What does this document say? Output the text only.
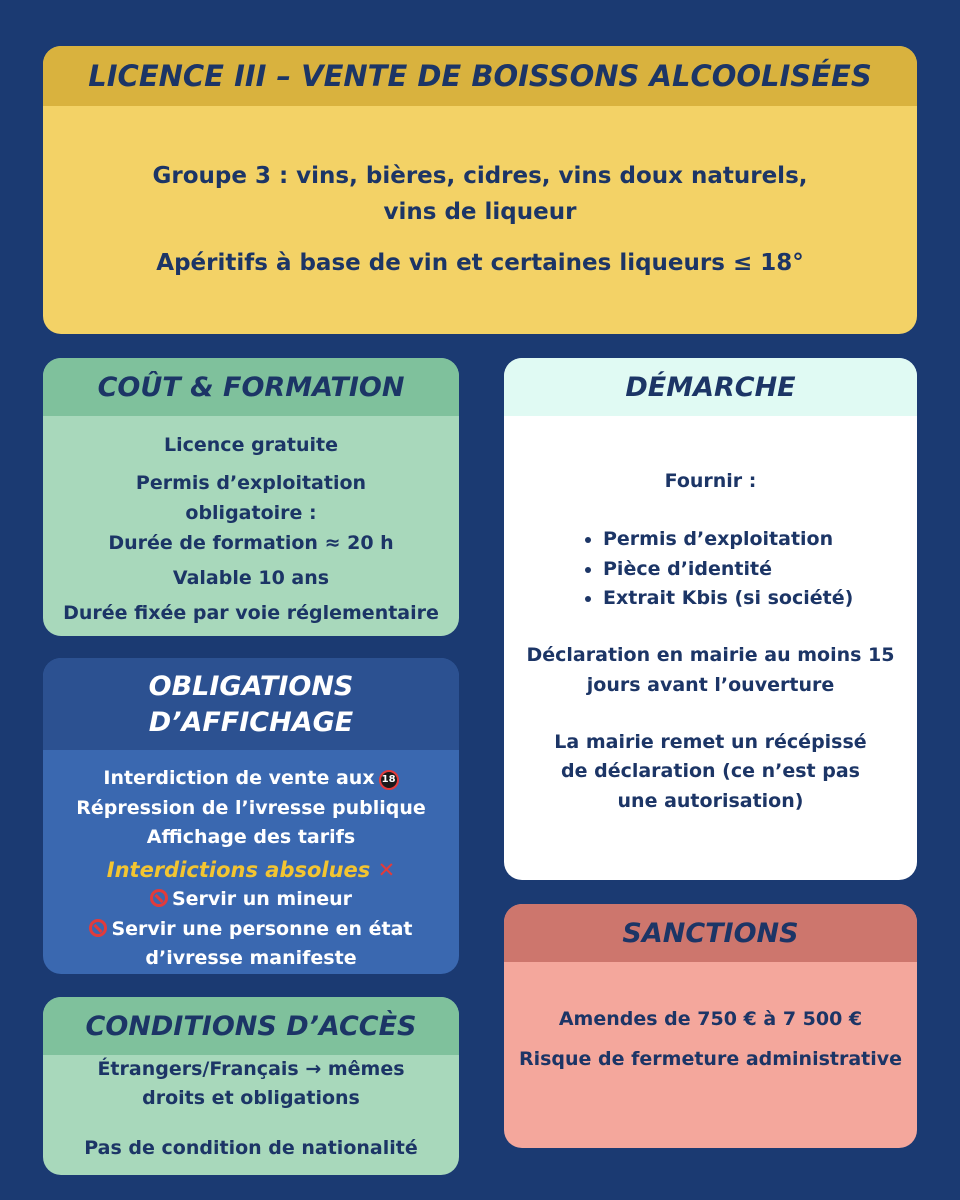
LICENCE III – VENTE DE BOISSONS ALCOOLISÉES
Groupe 3 : vins, bières, cidres, vins doux naturels,
vins de liqueur
Apéritifs à base de vin et certaines liqueurs ≤ 18°
COÛT & FORMATION
Licence gratuite
Permis d’exploitation
obligatoire :
Durée de formation ≈ 20 h
Valable 10 ans
Durée fixée par voie réglementaire
OBLIGATIONS
D’AFFICHAGE
Interdiction de vente aux 18
Répression de l’ivresse publique
Affichage des tarifs
Interdictions absolues ✕
Servir un mineur
Servir une personne en état
d’ivresse manifeste
CONDITIONS D’ACCÈS
Étrangers/Français → mêmes
droits et obligations
Pas de condition de nationalité
DÉMARCHE
Fournir :
• Permis d’exploitation
• Pièce d’identité
• Extrait Kbis (si société)
Déclaration en mairie au moins 15
jours avant l’ouverture
La mairie remet un récépissé
de déclaration (ce n’est pas
une autorisation)
SANCTIONS
Amendes de 750 € à 7 500 €
Risque de fermeture administrative
